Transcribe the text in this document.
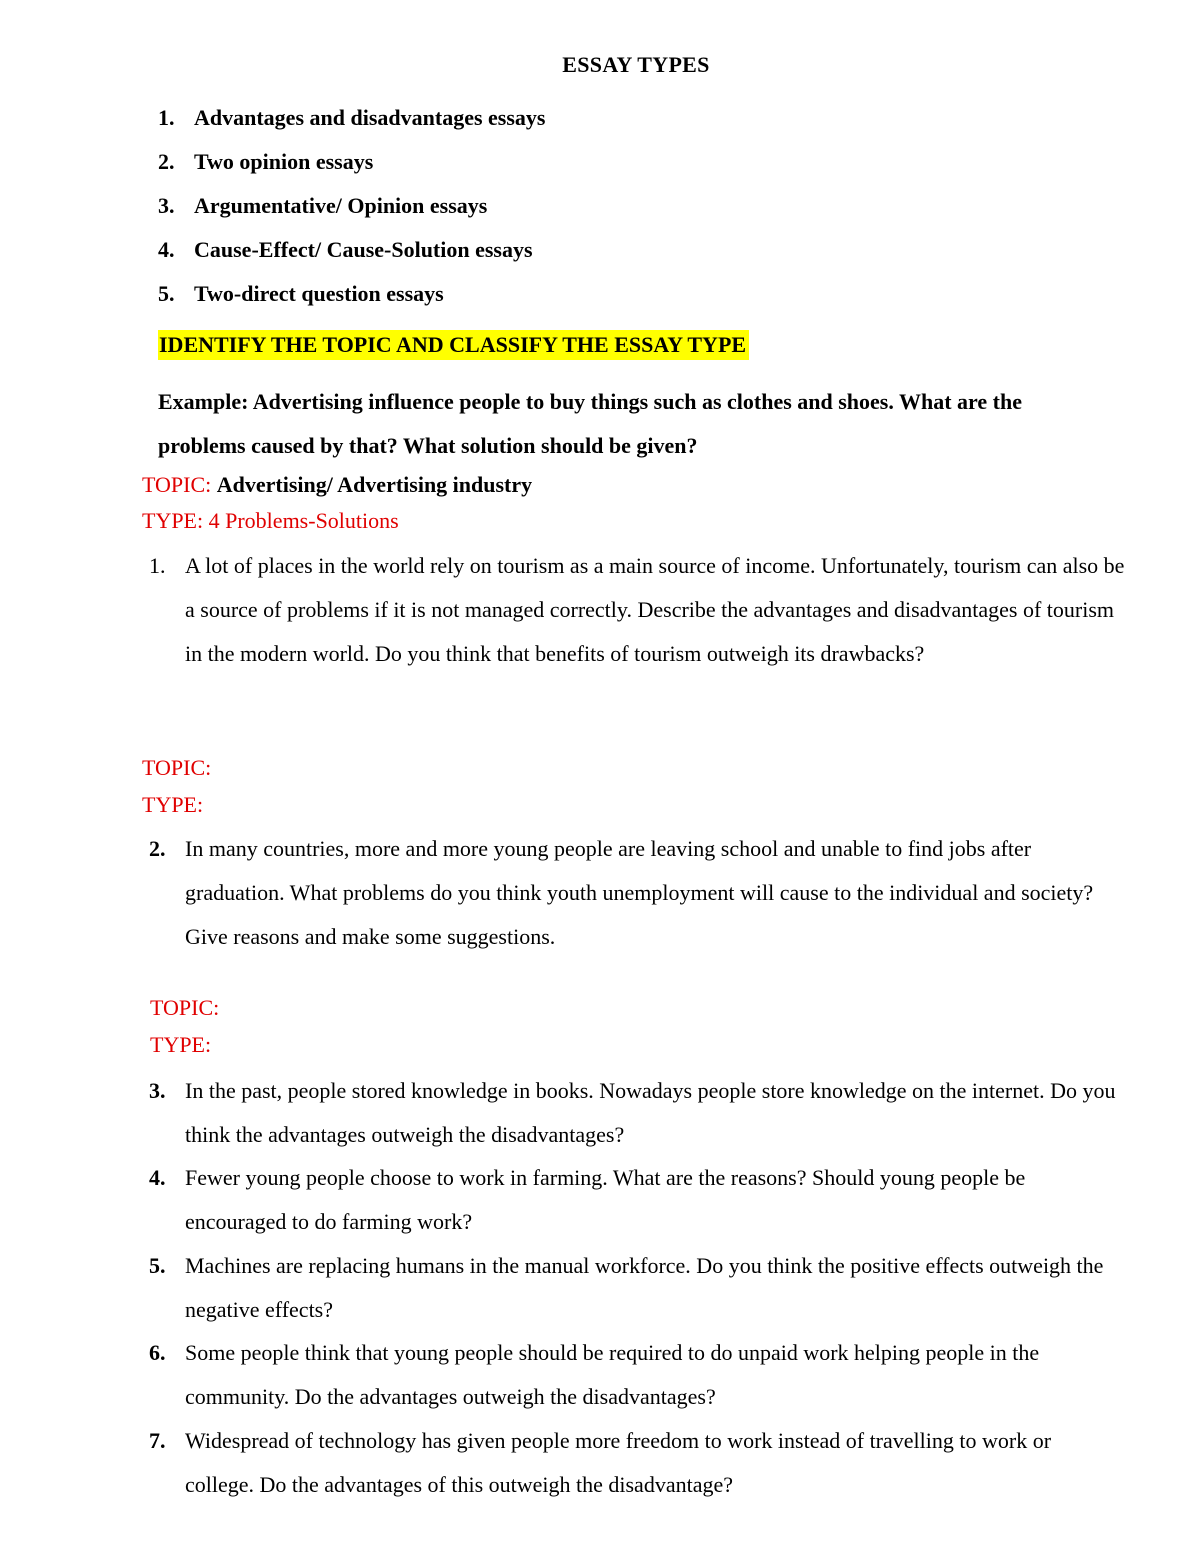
ESSAY TYPES
1. Advantages and disadvantages essays
2. Two opinion essays
3. Argumentative/ Opinion essays
4. Cause-Effect/ Cause-Solution essays
5. Two-direct question essays
IDENTIFY THE TOPIC AND CLASSIFY THE ESSAY TYPE
Example: Advertising influence people to buy things such as clothes and shoes. What are the problems caused by that? What solution should be given?
TOPIC: Advertising/ Advertising industry
TYPE: 4 Problems-Solutions
1. A lot of places in the world rely on tourism as a main source of income. Unfortunately, tourism can also be a source of problems if it is not managed correctly. Describe the advantages and disadvantages of tourism in the modern world. Do you think that benefits of tourism outweigh its drawbacks?
TOPIC:
TYPE:
2. In many countries, more and more young people are leaving school and unable to find jobs after graduation. What problems do you think youth unemployment will cause to the individual and society? Give reasons and make some suggestions.
TOPIC:
TYPE:
3. In the past, people stored knowledge in books. Nowadays people store knowledge on the internet. Do you think the advantages outweigh the disadvantages?
4. Fewer young people choose to work in farming. What are the reasons? Should young people be encouraged to do farming work?
5. Machines are replacing humans in the manual workforce. Do you think the positive effects outweigh the negative effects?
6. Some people think that young people should be required to do unpaid work helping people in the community. Do the advantages outweigh the disadvantages?
7. Widespread of technology has given people more freedom to work instead of travelling to work or college. Do the advantages of this outweigh the disadvantage?
